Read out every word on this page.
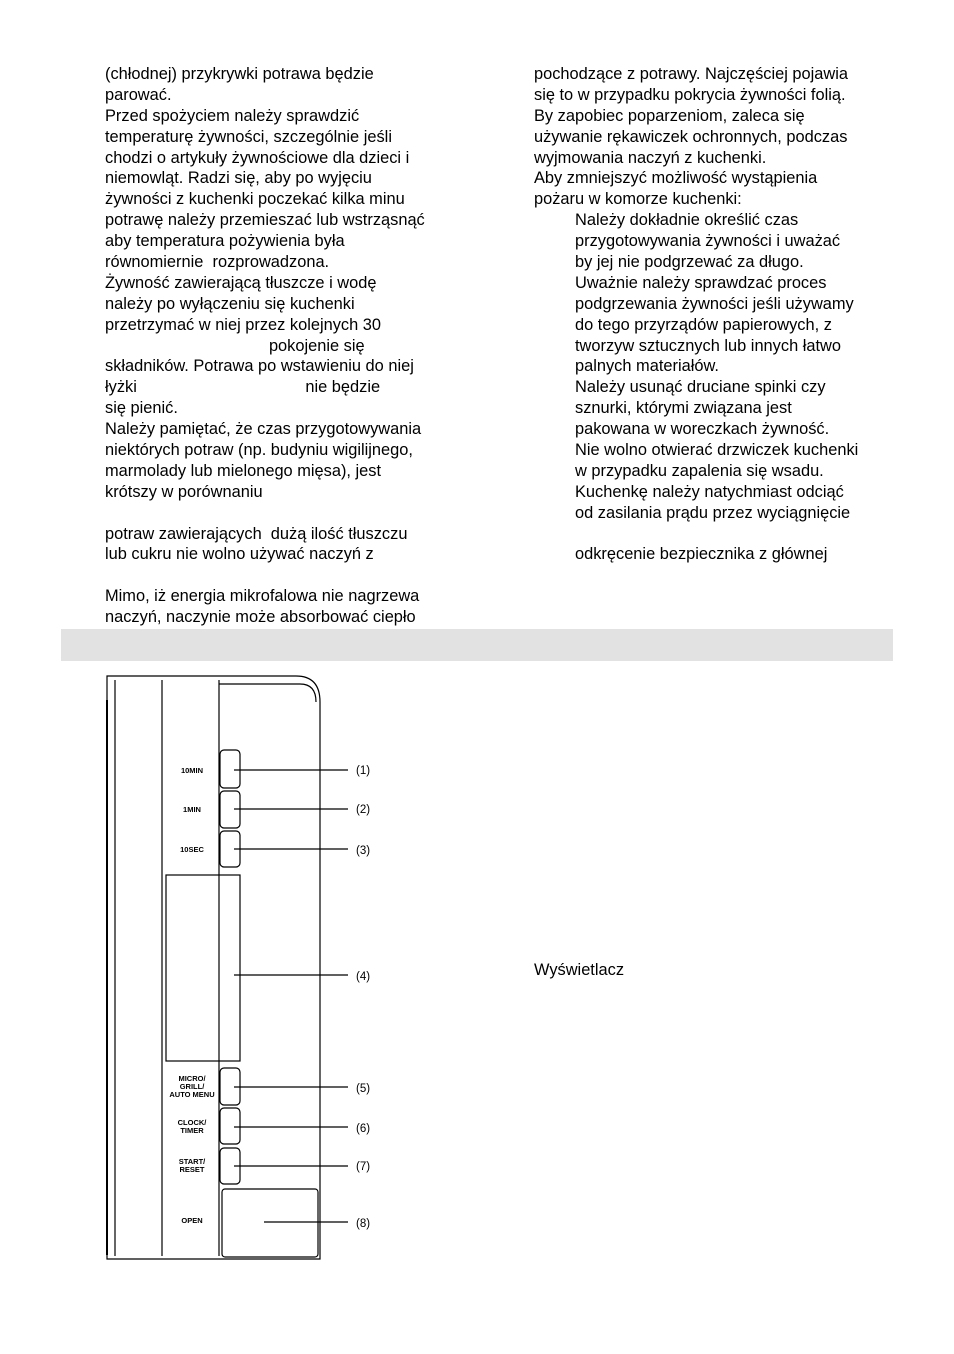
(chłodnej) przykrywki potrawa będzie
parować.
Przed spożyciem należy sprawdzić
temperaturę żywności, szczególnie jeśli
chodzi o artykuły żywnościowe dla dzieci i
niemowląt. Radzi się, aby po wyjęciu
żywności z kuchenki poczekać kilka minu
potrawę należy przemieszać lub wstrząsnąć
aby temperatura pożywienia była
równomiernie  rozprowadzona.
Żywność zawierającą tłuszcze i wodę
należy po wyłączeniu się kuchenki
przetrzymać w niej przez kolejnych 30
pokojenie się
składników. Potrawa po wstawieniu do niej
łyżki                                     nie będzie
się pienić.
Należy pamiętać, że czas przygotowywania
niektórych potraw (np. budyniu wigilijnego,
marmolady lub mielonego mięsa), jest
krótszy w porównaniu
potraw zawierających  dużą ilość tłuszczu
lub cukru nie wolno używać naczyń z
Mimo, iż energia mikrofalowa nie nagrzewa
naczyń, naczynie może absorbować ciepło
pochodzące z potrawy. Najczęściej pojawia
się to w przypadku pokrycia żywności folią.
By zapobiec poparzeniom, zaleca się
używanie rękawiczek ochronnych, podczas
wyjmowania naczyń z kuchenki.
Aby zmniejszyć możliwość wystąpienia
pożaru w komorze kuchenki:
Należy dokładnie określić czas
przygotowywania żywności i uważać
by jej nie podgrzewać za długo.
Uważnie należy sprawdzać proces
podgrzewania żywności jeśli używamy
do tego przyrządów papierowych, z
tworzyw sztucznych lub innych łatwo
palnych materiałów.
Należy usunąć druciane spinki czy
sznurki, którymi związana jest
pakowana w woreczkach żywność.
Nie wolno otwierać drzwiczek kuchenki
w przypadku zapalenia się wsadu.
Kuchenkę należy natychmiast odciąć
od zasilania prądu przez wyciągnięcie
odkręcenie bezpiecznika z głównej
10MIN
1MIN
10SEC
MICRO/
GRILL/
AUTO MENU
CLOCK/
TIMER
START/
RESET
OPEN
(1)
(2)
(3)
(4)
(5)
(6)
(7)
(8)
Wyświetlacz
